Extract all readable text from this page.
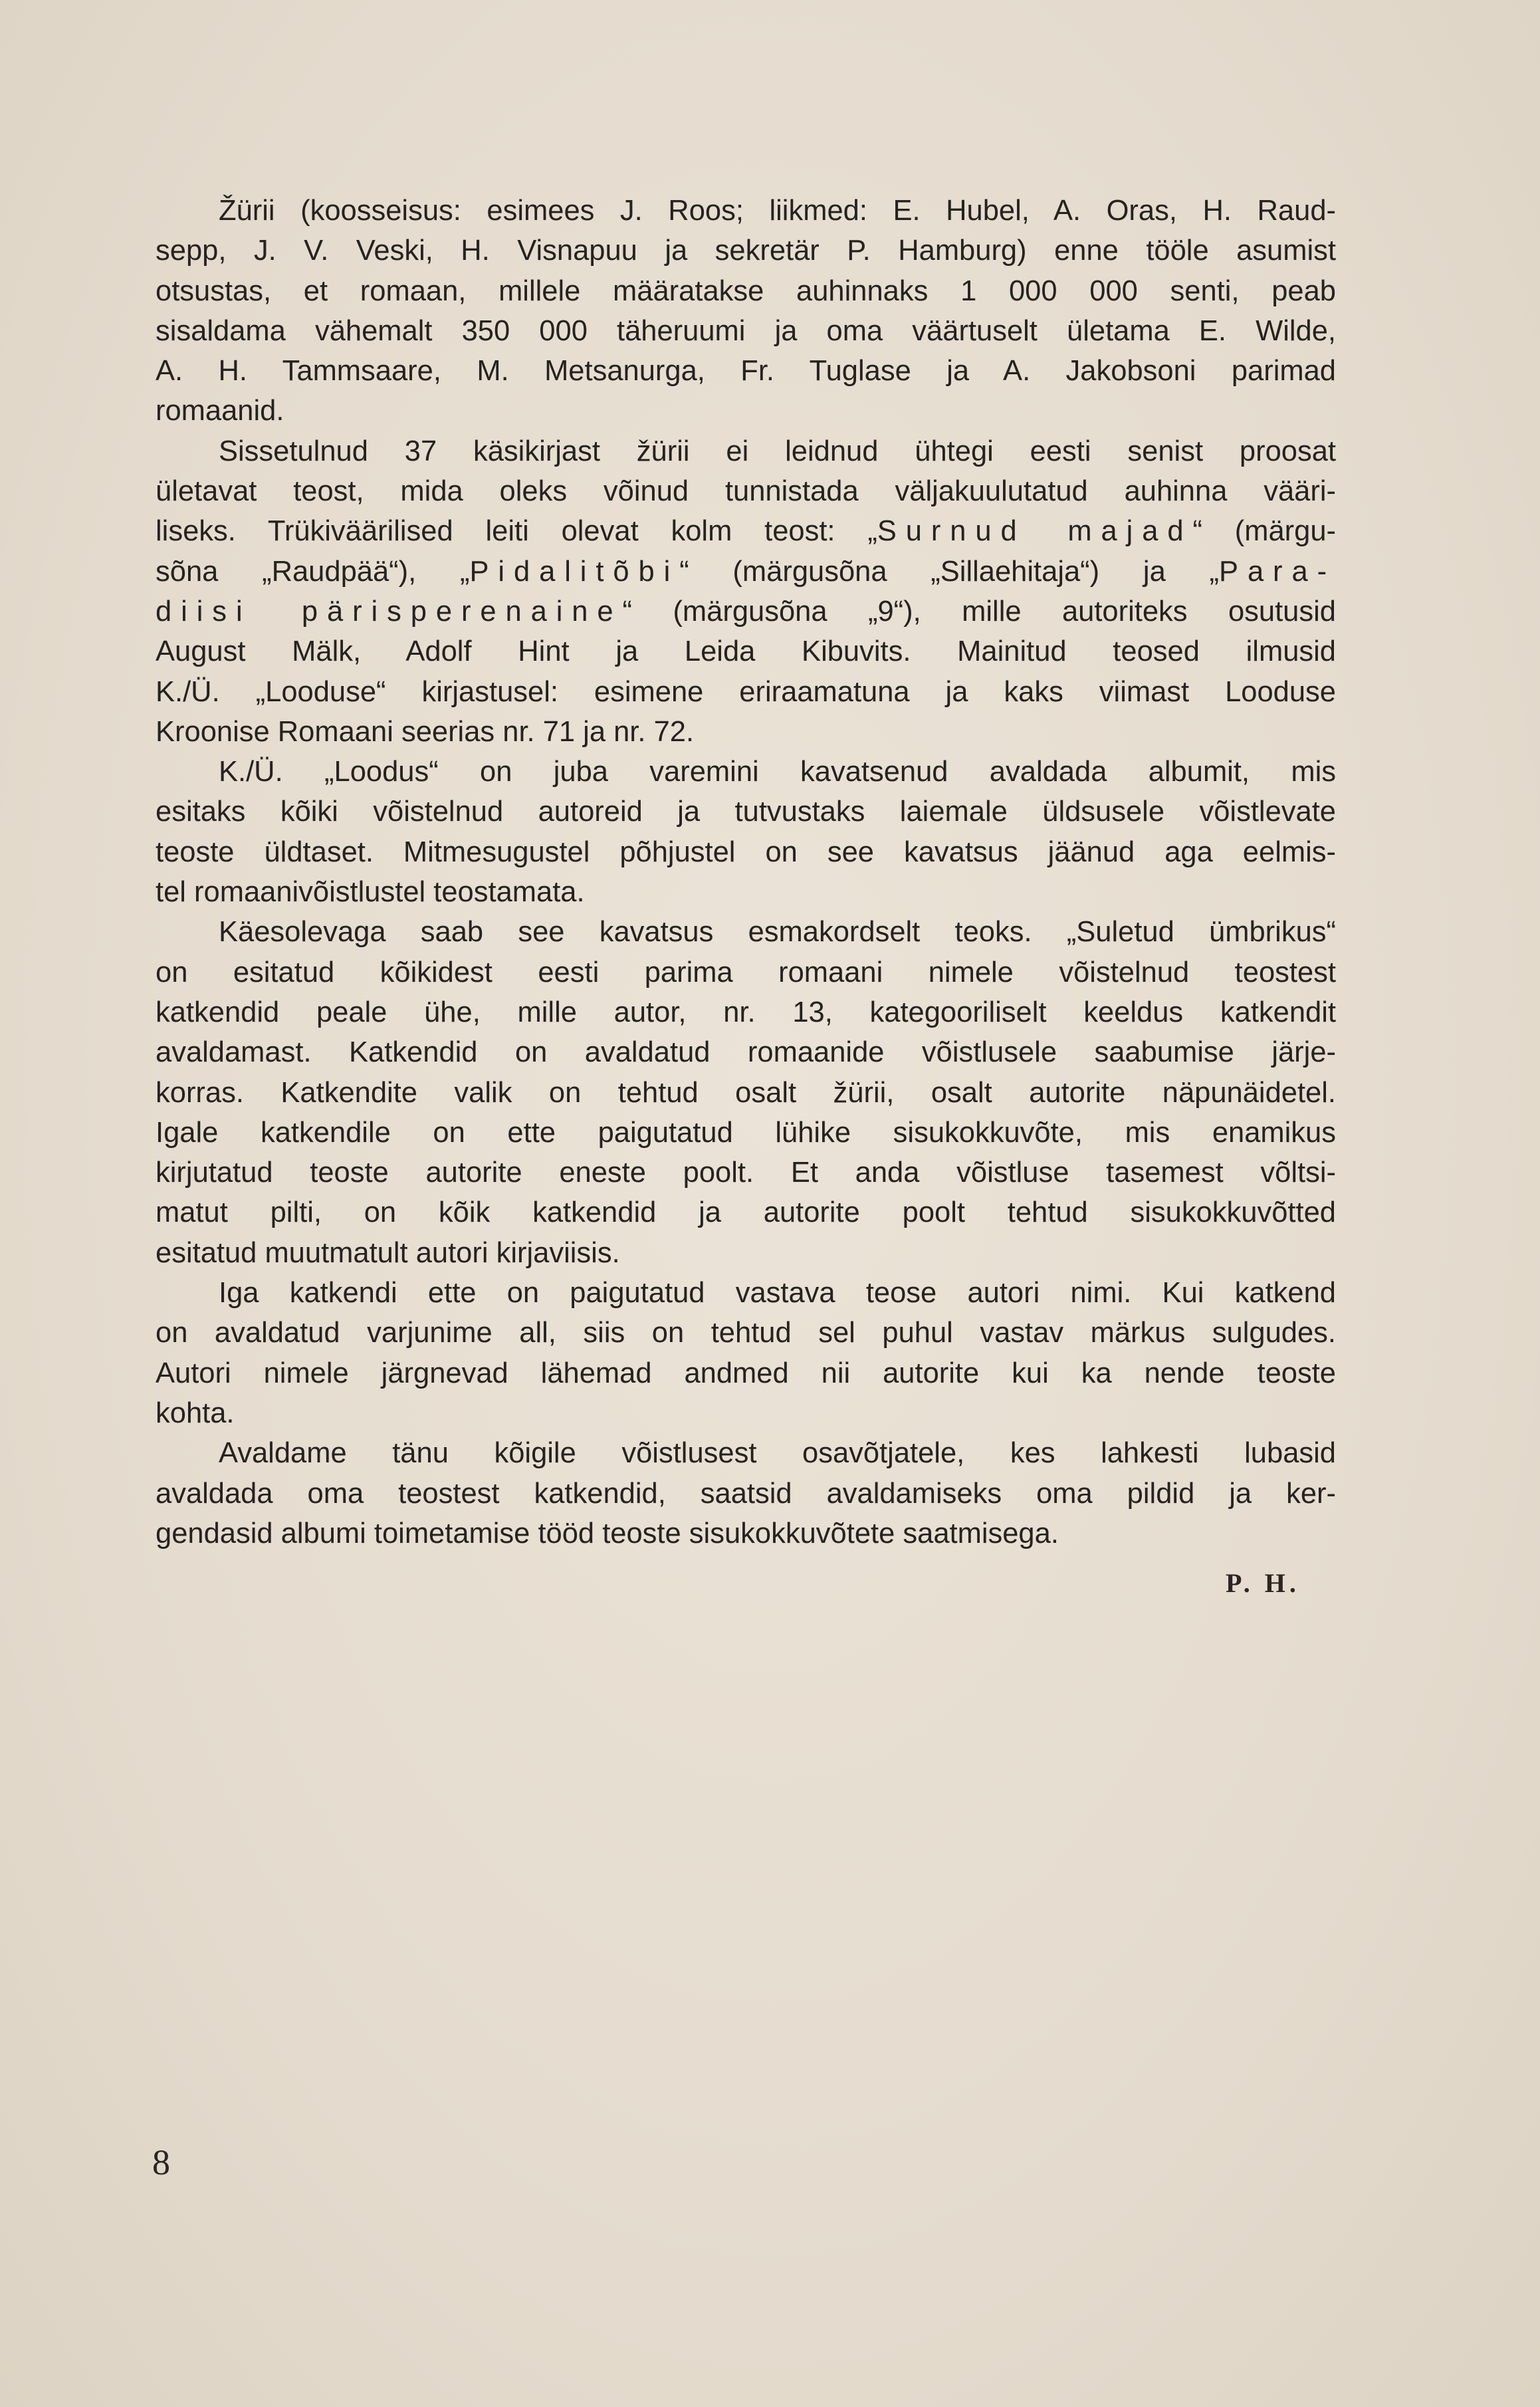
Žürii (koosseisus: esimees J. Roos; liikmed: E. Hubel, A. Oras, H. Raud-
sepp, J. V. Veski, H. Visnapuu ja sekretär P. Hamburg) enne tööle asumist
otsustas, et romaan, millele määratakse auhinnaks 1 000 000 senti, peab
sisaldama vähemalt 350 000 täheruumi ja oma väärtuselt ületama E. Wilde,
A. H. Tammsaare, M. Metsanurga, Fr. Tuglase ja A. Jakobsoni parimad
romaanid.
Sissetulnud 37 käsikirjast žürii ei leidnud ühtegi eesti senist proosat
ületavat teost, mida oleks võinud tunnistada väljakuulutatud auhinna vääri-
liseks. Trükiväärilised leiti olevat kolm teost: „Surnud majad“ (märgu-
sõna „Raudpää“), „Pidalitõbi“ (märgusõna „Sillaehitaja“) ja „Para-
diisi pärisperenaine“ (märgusõna „9“), mille autoriteks osutusid
August Mälk, Adolf Hint ja Leida Kibuvits. Mainitud teosed ilmusid
K./Ü. „Looduse“ kirjastusel: esimene eriraamatuna ja kaks viimast Looduse
Kroonise Romaani seerias nr. 71 ja nr. 72.
K./Ü. „Loodus“ on juba varemini kavatsenud avaldada albumit, mis
esitaks kõiki võistelnud autoreid ja tutvustaks laiemale üldsusele võistlevate
teoste üldtaset. Mitmesugustel põhjustel on see kavatsus jäänud aga eelmis-
tel romaanivõistlustel teostamata.
Käesolevaga saab see kavatsus esmakordselt teoks. „Suletud ümbrikus“
on esitatud kõikidest eesti parima romaani nimele võistelnud teostest
katkendid peale ühe, mille autor, nr. 13, kategooriliselt keeldus katkendit
avaldamast. Katkendid on avaldatud romaanide võistlusele saabumise järje-
korras. Katkendite valik on tehtud osalt žürii, osalt autorite näpunäidetel.
Igale katkendile on ette paigutatud lühike sisukokkuvõte, mis enamikus
kirjutatud teoste autorite eneste poolt. Et anda võistluse tasemest võltsi-
matut pilti, on kõik katkendid ja autorite poolt tehtud sisukokkuvõtted
esitatud muutmatult autori kirjaviisis.
Iga katkendi ette on paigutatud vastava teose autori nimi. Kui katkend
on avaldatud varjunime all, siis on tehtud sel puhul vastav märkus sulgudes.
Autori nimele järgnevad lähemad andmed nii autorite kui ka nende teoste
kohta.
Avaldame tänu kõigile võistlusest osavõtjatele, kes lahkesti lubasid
avaldada oma teostest katkendid, saatsid avaldamiseks oma pildid ja ker-
gendasid albumi toimetamise tööd teoste sisukokkuvõtete saatmisega.
P. H.
8
